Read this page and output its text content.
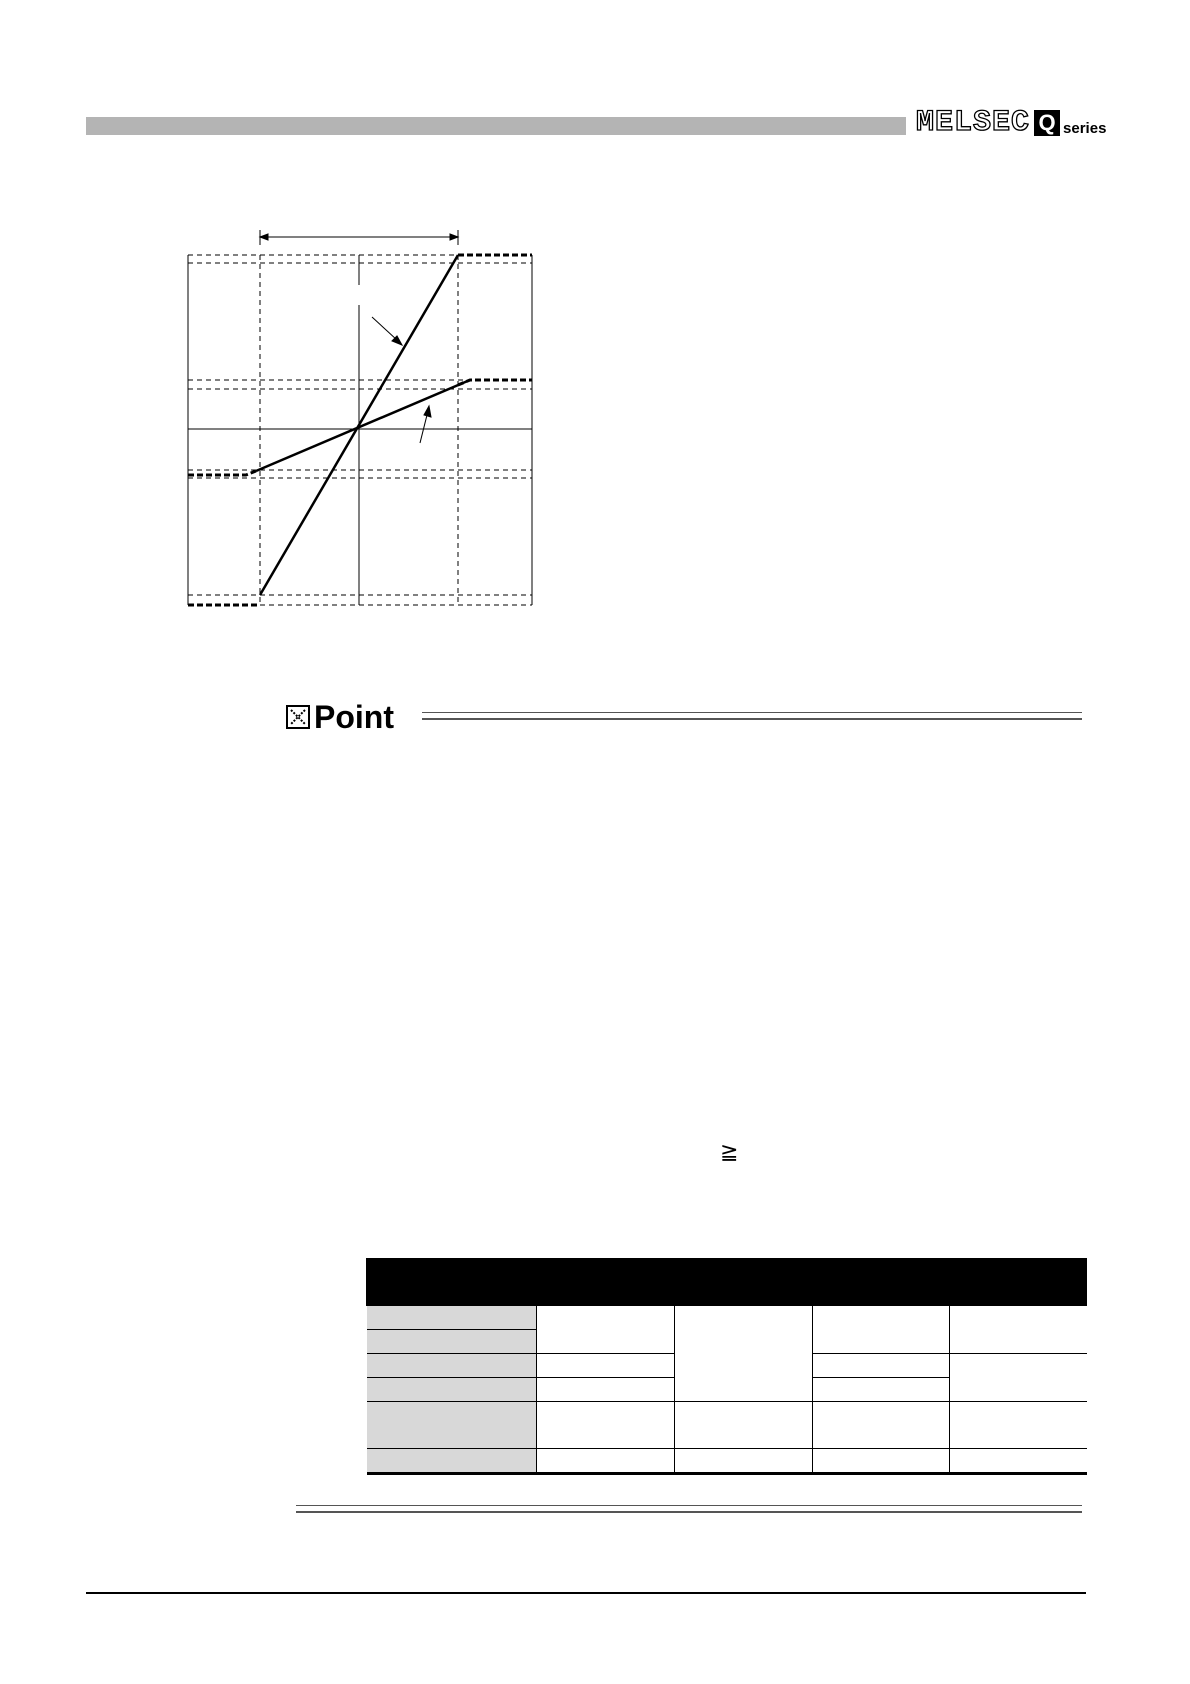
MELSEC Q series
Point
≧
